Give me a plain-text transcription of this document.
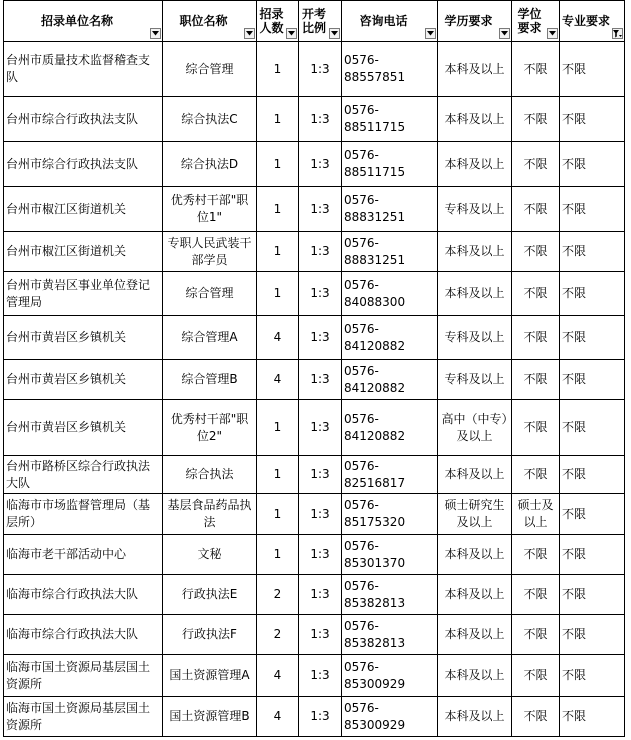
招录单位名称	职位名称	招录人数	开考比例	咨询电话	学历要求	学位要求	专业要求

台州市质量技术监督稽查支队	综合管理	1	1:3	0576-88557851	本科及以上	不限	不限
台州市综合行政执法支队	综合执法C	1	1:3	0576-88511715	本科及以上	不限	不限
台州市综合行政执法支队	综合执法D	1	1:3	0576-88511715	本科及以上	不限	不限
台州市椒江区街道机关	优秀村干部"职位1"	1	1:3	0576-88831251	专科及以上	不限	不限
台州市椒江区街道机关	专职人民武装干部学员	1	1:3	0576-88831251	本科及以上	不限	不限
台州市黄岩区事业单位登记管理局	综合管理	1	1:3	0576-84088300	本科及以上	不限	不限
台州市黄岩区乡镇机关	综合管理A	4	1:3	0576-84120882	专科及以上	不限	不限
台州市黄岩区乡镇机关	综合管理B	4	1:3	0576-84120882	专科及以上	不限	不限
台州市黄岩区乡镇机关	优秀村干部"职位2"	1	1:3	0576-84120882	高中（中专）及以上	不限	不限
台州市路桥区综合行政执法大队	综合执法	1	1:3	0576-82516817	本科及以上	不限	不限
临海市市场监督管理局（基层所）	基层食品药品执法	1	1:3	0576-85175320	硕士研究生及以上	硕士及以上	不限
临海市老干部活动中心	文秘	1	1:3	0576-85301370	本科及以上	不限	不限
临海市综合行政执法大队	行政执法E	2	1:3	0576-85382813	本科及以上	不限	不限
临海市综合行政执法大队	行政执法F	2	1:3	0576-85382813	本科及以上	不限	不限
临海市国土资源局基层国土资源所	国土资源管理A	4	1:3	0576-85300929	本科及以上	不限	不限
临海市国土资源局基层国土资源所	国土资源管理B	4	1:3	0576-85300929	本科及以上	不限	不限
